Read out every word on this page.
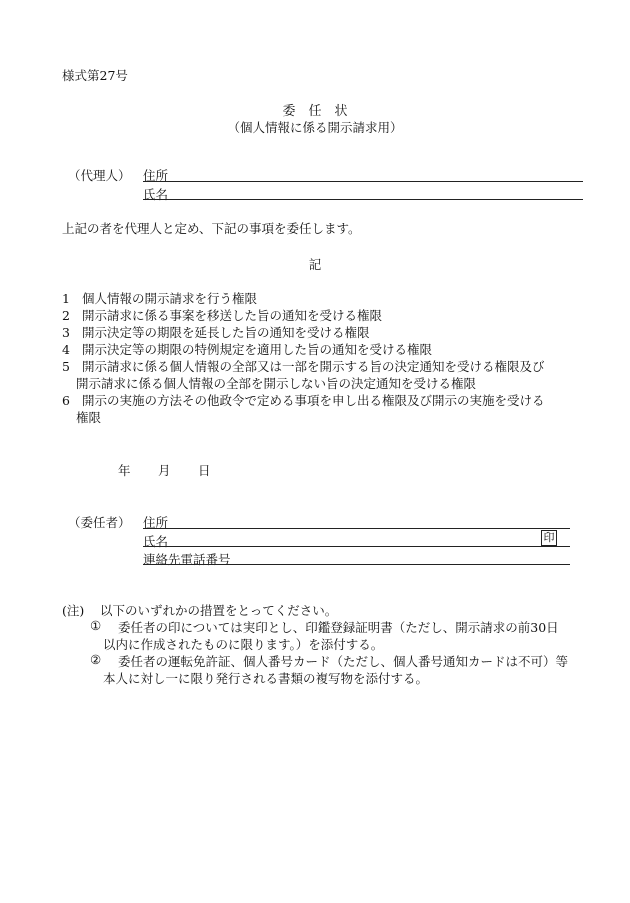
様式第27号
委　任　状
（個人情報に係る開示請求用）
（代理人） 住所
氏名
上記の者を代理人と定め、下記の事項を委任します。
記
1 個人情報の開示請求を行う権限
2 開示請求に係る事案を移送した旨の通知を受ける権限
3 開示決定等の期限を延長した旨の通知を受ける権限
4 開示決定等の期限の特例規定を適用した旨の通知を受ける権限
5 開示請求に係る個人情報の全部又は一部を開示する旨の決定通知を受ける権限及び
開示請求に係る個人情報の全部を開示しない旨の決定通知を受ける権限
6 開示の実施の方法その他政令で定める事項を申し出る権限及び開示の実施を受ける
権限
年 月 日
（委任者） 住所
氏名	印
連絡先電話番号
(注) 以下のいずれかの措置をとってください。
① 委任者の印については実印とし、印鑑登録証明書（ただし、開示請求の前30日
以内に作成されたものに限ります。）を添付する。
② 委任者の運転免許証、個人番号カード（ただし、個人番号通知カードは不可）等
本人に対し一に限り発行される書類の複写物を添付する。
